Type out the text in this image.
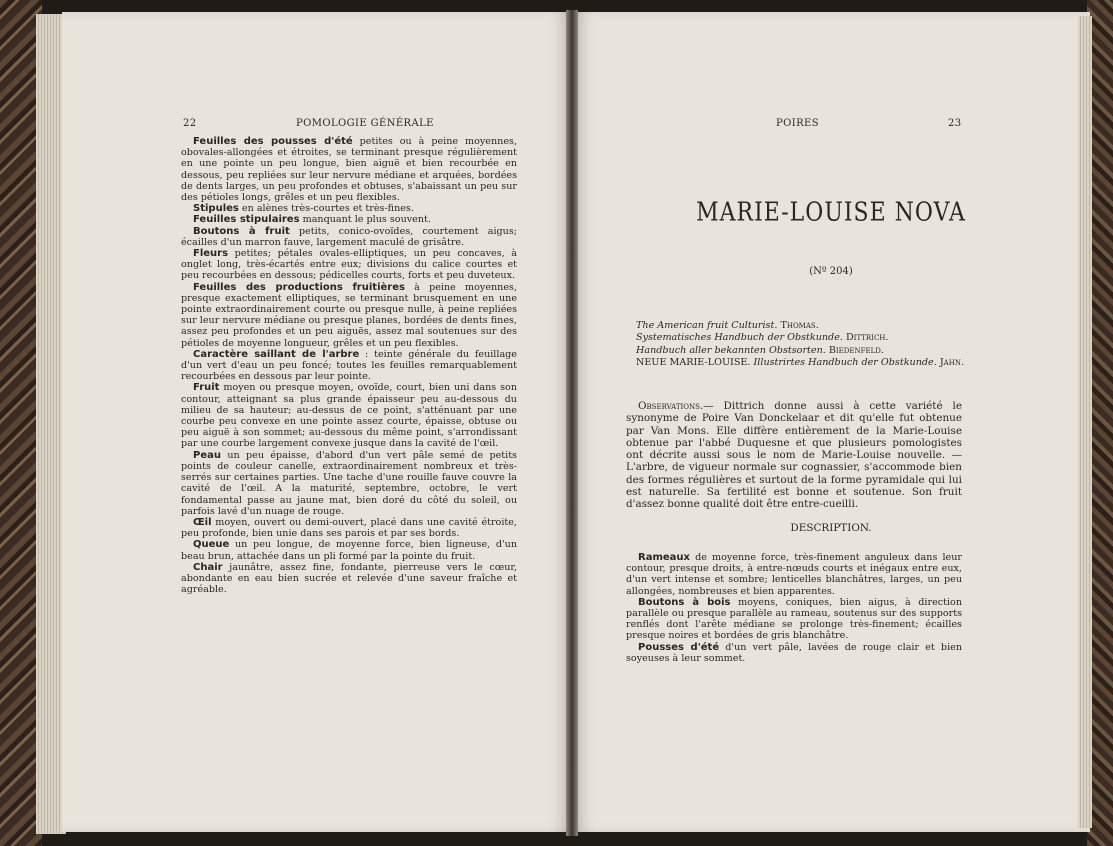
22	POMOLOGIE GÉNÉRALE

Feuilles des pousses d'été petites ou à peine moyennes, obovales-allongées et étroites, se terminant presque régulièrement en une pointe un peu longue, bien aiguë et bien recourbée en dessous, peu repliées sur leur nervure médiane et arquées, bordées de dents larges, un peu profondes et obtuses, s'abaissant un peu sur des pétioles longs, grêles et un peu flexibles.

Stipules en alènes très-courtes et très-fines.

Feuilles stipulaires manquant le plus souvent.

Boutons à fruit petits, conico-ovoïdes, courtement aigus; écailles d'un marron fauve, largement maculé de grisâtre.

Fleurs petites; pétales ovales-elliptiques, un peu concaves, à onglet long, très-écartés entre eux; divisions du calice courtes et peu recourbées en dessous; pédicelles courts, forts et peu duveteux.

Feuilles des productions fruitières à peine moyennes, presque exactement elliptiques, se terminant brusquement en une pointe extraordinairement courte ou presque nulle, à peine repliées sur leur nervure médiane ou presque planes, bordées de dents fines, assez peu profondes et un peu aiguës, assez mal soutenues sur des pétioles de moyenne longueur, grêles et un peu flexibles.

Caractère saillant de l'arbre : teinte générale du feuillage d'un vert d'eau un peu foncé; toutes les feuilles remarquablement recourbées en dessous par leur pointe.

Fruit moyen ou presque moyen, ovoïde, court, bien uni dans son contour, atteignant sa plus grande épaisseur peu au-dessous du milieu de sa hauteur; au-dessus de ce point, s'atténuant par une courbe peu convexe en une pointe assez courte, épaisse, obtuse ou peu aiguë à son sommet; au-dessous du même point, s'arrondissant par une courbe largement convexe jusque dans la cavité de l'œil.

Peau un peu épaisse, d'abord d'un vert pâle semé de petits points de couleur canelle, extraordinairement nombreux et très-serrés sur certaines parties. Une tache d'une rouille fauve couvre la cavité de l'œil. A la maturité, septembre, octobre, le vert fondamental passe au jaune mat, bien doré du côté du soleil, ou parfois lavé d'un nuage de rouge.

Œil moyen, ouvert ou demi-ouvert, placé dans une cavité étroite, peu profonde, bien unie dans ses parois et par ses bords.

Queue un peu longue, de moyenne force, bien ligneuse, d'un beau brun, attachée dans un pli formé par la pointe du fruit.

Chair jaunâtre, assez fine, fondante, pierreuse vers le cœur, abondante en eau bien sucrée et relevée d'une saveur fraîche et agréable.

POIRES	23
MARIE-LOUISE NOVA
(Nº 204)
The American fruit Culturist. Thomas.
Systematisches Handbuch der Obstkunde. Dittrich.
Handbuch aller bekannten Obstsorten. Biedenfeld.
NEUE MARIE-LOUISE. Illustrirtes Handbuch der Obstkunde. Jahn.

Observations.— Dittrich donne aussi à cette variété le synonyme de Poire Van Donckelaar et dit qu'elle fut obtenue par Van Mons. Elle diffère entièrement de la Marie-Louise obtenue par l'abbé Duquesne et que plusieurs pomologistes ont décrite aussi sous le nom de Marie-Louise nouvelle. — L'arbre, de vigueur normale sur cognassier, s'accommode bien des formes régulières et surtout de la forme pyramidale qui lui est naturelle. Sa fertilité est bonne et soutenue. Son fruit d'assez bonne qualité doit être entre-cueilli.

DESCRIPTION.

Rameaux de moyenne force, très-finement anguleux dans leur contour, presque droits, à entre-nœuds courts et inégaux entre eux, d'un vert intense et sombre; lenticelles blanchâtres, larges, un peu allongées, nombreuses et bien apparentes.

Boutons à bois moyens, coniques, bien aigus, à direction parallèle ou presque parallèle au rameau, soutenus sur des supports renflés dont l'arête médiane se prolonge très-finement; écailles presque noires et bordées de gris blanchâtre.

Pousses d'été d'un vert pâle, lavées de rouge clair et bien soyeuses à leur sommet.
